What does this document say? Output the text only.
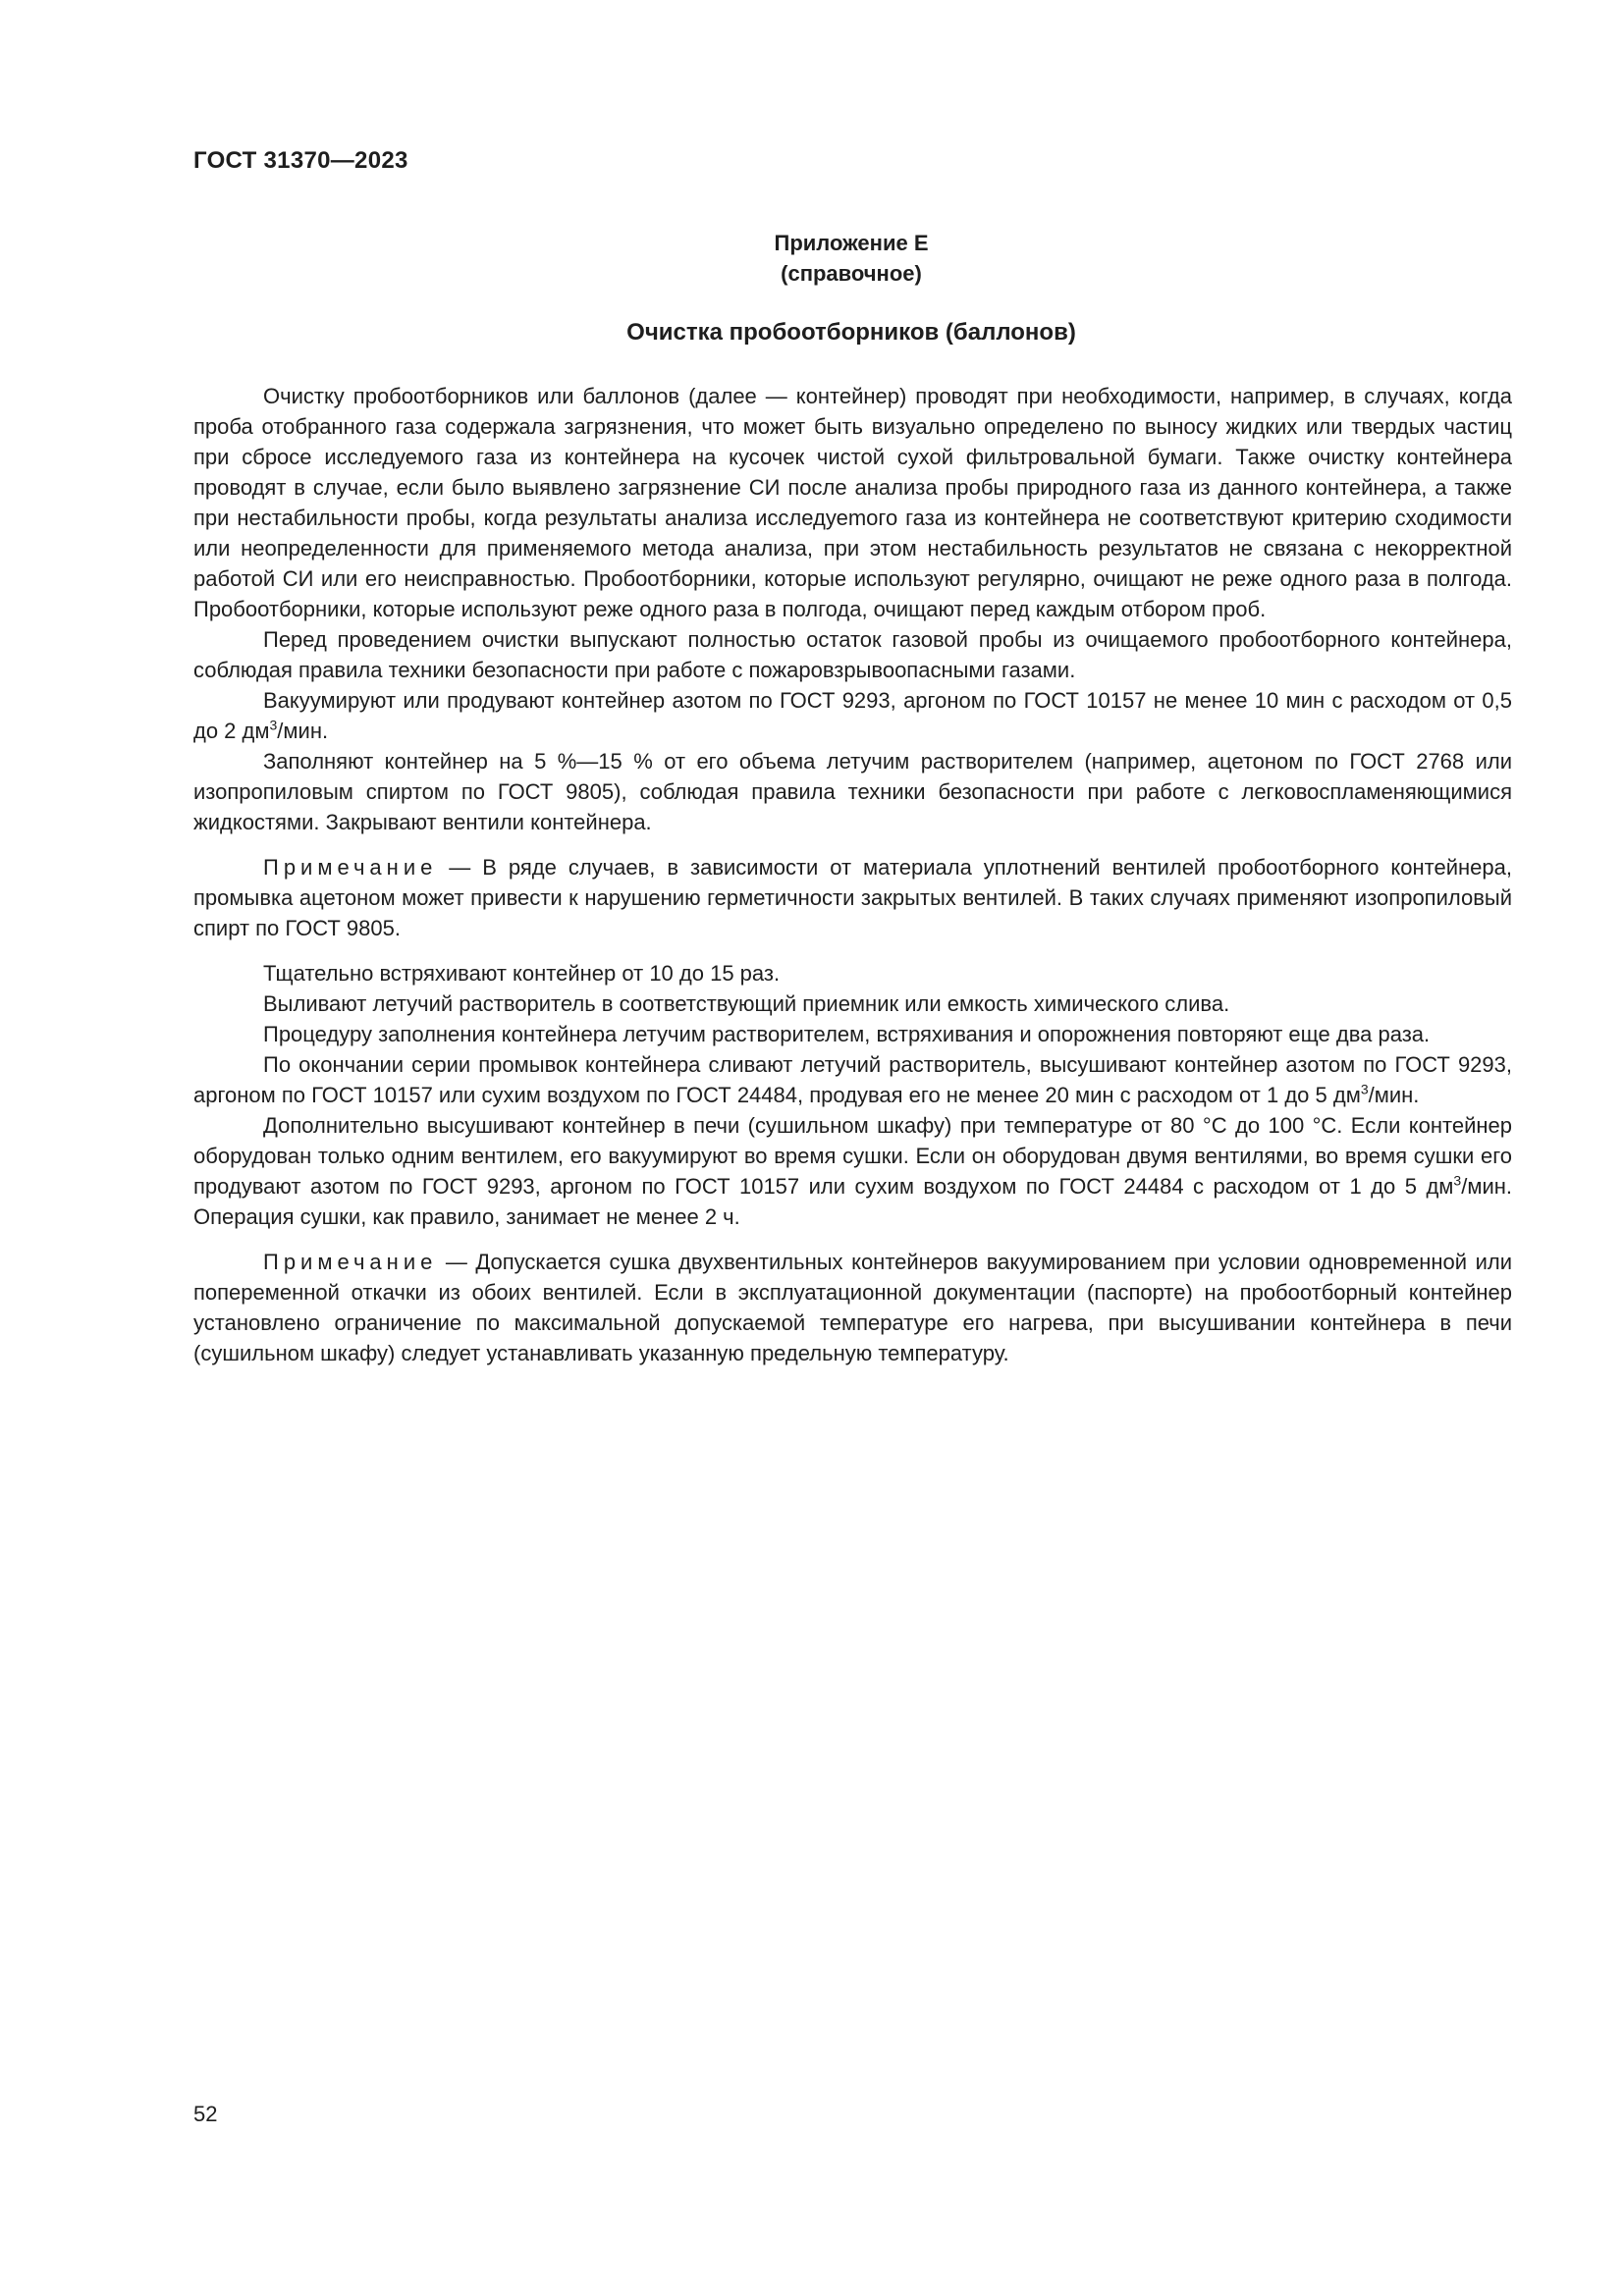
ГОСТ 31370—2023
Приложение Е
(справочное)
Очистка пробоотборников (баллонов)

Очистку пробоотборников или баллонов (далее — контейнер) проводят при необходимости, например, в случаях, когда проба отобранного газа содержала загрязнения, что может быть визуально определено по выносу жидких или твердых частиц при сбросе исследуемого газа из контейнера на кусочек чистой сухой фильтровальной бумаги. Также очистку контейнера проводят в случае, если было выявлено загрязнение СИ после анализа пробы природного газа из данного контейнера, а также при нестабильности пробы, когда результаты анализа исследуеmого газа из контейнера не соответствуют критерию сходимости или неопределенности для применяемого метода анализа, при этом нестабильность результатов не связана с некорректной работой СИ или его неисправностью. Пробоотборники, которые используют регулярно, очищают не реже одного раза в полгода. Пробоотборники, которые используют реже одного раза в полгода, очищают перед каждым отбором проб.

Перед проведением очистки выпускают полностью остаток газовой пробы из очищаемого пробоотборного контейнера, соблюдая правила техники безопасности при работе с пожаровзрывоопасными газами.

Вакуумируют или продувают контейнер азотом по ГОСТ 9293, аргоном по ГОСТ 10157 не менее 10 мин с расходом от 0,5 до 2 $дм^3$/мин.

Заполняют контейнер на 5 %—15 % от его объема летучим растворителем (например, ацетоном по ГОСТ 2768 или изопропиловым спиртом по ГОСТ 9805), соблюдая правила техники безопасности при работе с легковоспламеняющимися жидкостями. Закрывают вентили контейнера.

Примечание — В ряде случаев, в зависимости от материала уплотнений вентилей пробоотборного контейнера, промывка ацетоном может привести к нарушению герметичности закрытых вентилей. В таких случаях применяют изопропиловый спирт по ГОСТ 9805.

Тщательно встряхивают контейнер от 10 до 15 раз.

Выливают летучий растворитель в соответствующий приемник или емкость химического слива.

Процедуру заполнения контейнера летучим растворителем, встряхивания и опорожнения повторяют еще два раза.

По окончании серии промывок контейнера сливают летучий растворитель, высушивают контейнер азотом по ГОСТ 9293, аргоном по ГОСТ 10157 или сухим воздухом по ГОСТ 24484, продувая его не менее 20 мин с расходом от 1 до 5 $дм^3$/мин.

Дополнительно высушивают контейнер в печи (сушильном шкафу) при температуре от 80 °С до 100 °С. Если контейнер оборудован только одним вентилем, его вакуумируют во время сушки. Если он оборудован двумя вентилями, во время сушки его продувают азотом по ГОСТ 9293, аргоном по ГОСТ 10157 или сухим воздухом по ГОСТ 24484 с расходом от 1 до 5 $дм^3$/мин. Операция сушки, как правило, занимает не менее 2 ч.

Примечание — Допускается сушка двухвентильных контейнеров вакуумированием при условии одновременной или попеременной откачки из обоих вентилей. Если в эксплуатационной документации (паспорте) на пробоотборный контейнер установлено ограничение по максимальной допускаемой температуре его нагрева, при высушивании контейнера в печи (сушильном шкафу) следует устанавливать указанную предельную температуру.

52
